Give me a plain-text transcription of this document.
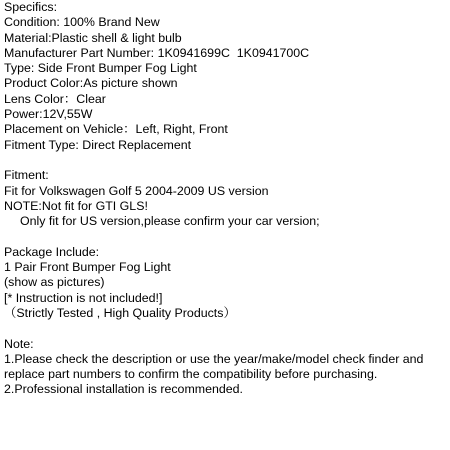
Specifics:
Condition: 100% Brand New
Material:Plastic shell & light bulb
Manufacturer Part Number: 1K0941699C  1K0941700C
Type: Side Front Bumper Fog Light
Product Color:As picture shown
Lens Color：Clear
Power:12V,55W
Placement on Vehicle：Left, Right, Front
Fitment Type: Direct Replacement
Fitment:
Fit for Volkswagen Golf 5 2004-2009 US version
NOTE:Not fit for GTI GLS!
Only fit for US version,please confirm your car version;
Package Include:
1 Pair Front Bumper Fog Light
(show as pictures)
[* Instruction is not included!]
（Strictly Tested , High Quality Products）
Note:
1.Please check the description or use the year/make/model check finder and replace part numbers to confirm the compatibility before purchasing.
2.Professional installation is recommended.
